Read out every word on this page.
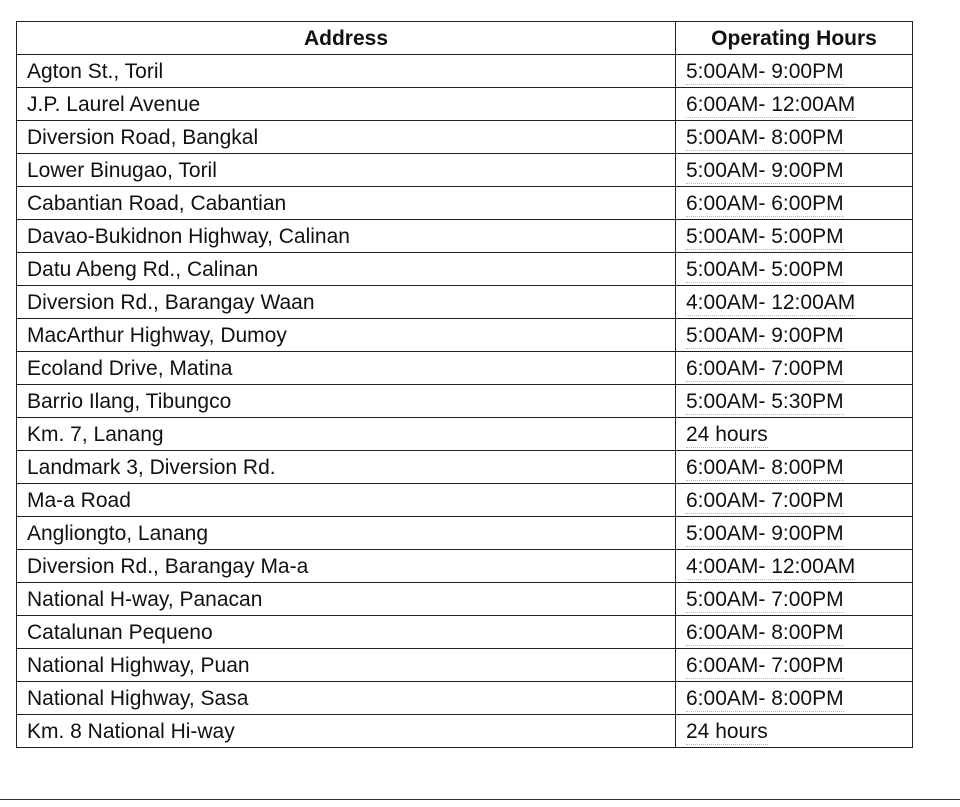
Address	Operating Hours
Agton St., Toril	5:00AM- 9:00PM
J.P. Laurel Avenue	6:00AM- 12:00AM
Diversion Road, Bangkal	5:00AM- 8:00PM
Lower Binugao, Toril	5:00AM- 9:00PM
Cabantian Road, Cabantian	6:00AM- 6:00PM
Davao-Bukidnon Highway, Calinan	5:00AM- 5:00PM
Datu Abeng Rd., Calinan	5:00AM- 5:00PM
Diversion Rd., Barangay Waan	4:00AM- 12:00AM
MacArthur Highway, Dumoy	5:00AM- 9:00PM
Ecoland Drive, Matina	6:00AM- 7:00PM
Barrio Ilang, Tibungco	5:00AM- 5:30PM
Km. 7, Lanang	24 hours
Landmark 3, Diversion Rd.	6:00AM- 8:00PM
Ma-a Road	6:00AM- 7:00PM
Angliongto, Lanang	5:00AM- 9:00PM
Diversion Rd., Barangay Ma-a	4:00AM- 12:00AM
National H-way, Panacan	5:00AM- 7:00PM
Catalunan Pequeno	6:00AM- 8:00PM
National Highway, Puan	6:00AM- 7:00PM
National Highway, Sasa	6:00AM- 8:00PM
Km. 8 National Hi-way	24 hours
